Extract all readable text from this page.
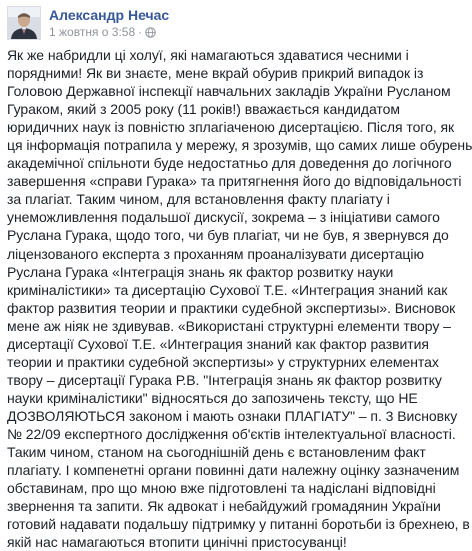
Александр Нечас
1 жовтня о 3:58 ·
Як же набридли ці холуї, які намагаються здаватися чесними і
порядними! Як ви знаєте, мене вкрай обурив прикрий випадок із
Головою Державної інспекції навчальних закладів України Русланом
Гураком, який з 2005 року (11 років!) вважається кандидатом
юридичних наук із повністю зплагіаченою дисертацією. Після того, як
ця інформація потрапила у мережу, я зрозумів, що самих лише обурень
академічної спільноти буде недостатньо для доведення до логічного
завершення «справи Гурака» та притягнення його до відповідальності
за плагіат. Таким чином, для встановлення факту плагіату і
унеможливлення подальшої дискусії, зокрема – з ініціативи самого
Руслана Гурака, щодо того, чи був плагіат, чи не був, я звернувся до
ліцензованого експерта з проханням проаналізувати дисертацію
Руслана Гурака «Інтеграція знань як фактор розвитку науки
криміналістики» та дисертацію Сухової Т.Е. «Интеграция знаний как
фактор развития теории и практики судебной экспертизы». Висновок
мене аж ніяк не здивував. «Використані структурні елементи твору –
дисертації Сухової Т.Е. «Интеграция знаний как фактор развития
теории и практики судебной экспертизы» у структурних елементах
твору – дисертації Гурака Р.В. "Інтеграція знань як фактор розвитку
науки криміналістики" відносяться до запозичень тексту, що НЕ
ДОЗВОЛЯЮТЬСЯ законом і мають ознаки ПЛАГІАТУ" – п. 3 Висновку
№ 22/09 експертного дослідження об'єктів інтелектуальної власності.
Таким чином, станом на сьогоднішній день є встановленим факт
плагіату. І компенетні органи повинні дати належну оцінку зазначеним
обставинам, про що мною вже підготовлені та надіслані відповідні
звернення та запити. Як адвокат і небайдужий громадянин України
готовий надавати подальшу підтримку у питанні боротьби із брехнею, в
якій нас намагаються втопити цинічні пристосуванці!
